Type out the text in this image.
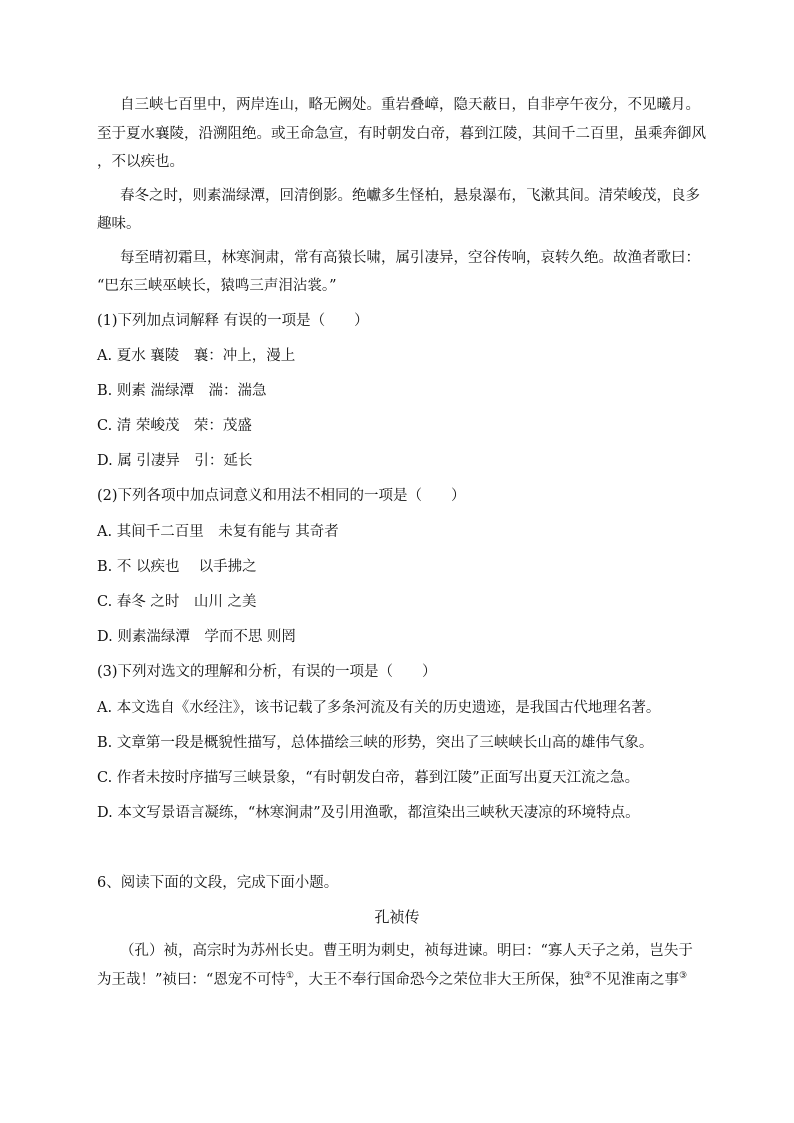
自三峡七百里中，两岸连山，略无阙处。重岩叠嶂，隐天蔽日，自非亭午夜分，不见曦月。
至于夏水襄陵，沿溯阻绝。或王命急宣，有时朝发白帝，暮到江陵，其间千二百里，虽乘奔御风
，不以疾也。
春冬之时，则素湍绿潭，回清倒影。绝巘多生怪柏，悬泉瀑布，飞漱其间。清荣峻茂，良多
趣味。
每至晴初霜旦，林寒涧肃，常有高猿长啸，属引凄异，空谷传响，哀转久绝。故渔者歌曰：
“巴东三峡巫峡长，猿鸣三声泪沾裳。”
(1)下列加点词解释 有误的一项是（　　）
A. 夏水 襄陵　襄：冲上，漫上
B. 则素 湍绿潭　湍：湍急
C. 清 荣峻茂　荣：茂盛
D. 属 引凄异　引：延长
(2)下列各项中加点词意义和用法不相同的一项是（　　）
A. 其间千二百里　未复有能与 其奇者
B. 不 以疾也　 以手拂之
C. 春冬 之时　山川 之美
D. 则素湍绿潭　学而不思 则罔
(3)下列对选文的理解和分析，有误的一项是（　　）
A. 本文选自《水经注》，该书记载了多条河流及有关的历史遗迹，是我国古代地理名著。
B. 文章第一段是概貌性描写，总体描绘三峡的形势，突出了三峡峡长山高的雄伟气象。
C. 作者未按时序描写三峡景象，“有时朝发白帝，暮到江陵”正面写出夏天江流之急。
D. 本文写景语言凝练，“林寒涧肃”及引用渔歌，都渲染出三峡秋天凄凉的环境特点。
6、阅读下面的文段，完成下面小题。
孔祯传
（孔）祯，高宗时为苏州长史。曹王明为刺史，祯每进谏。明曰：“寡人天子之弟，岂失于
为王哉！”祯曰：“恩宠不可恃①，大王不奉行国命恐今之荣位非大王所保，独②不见淮南之事③
